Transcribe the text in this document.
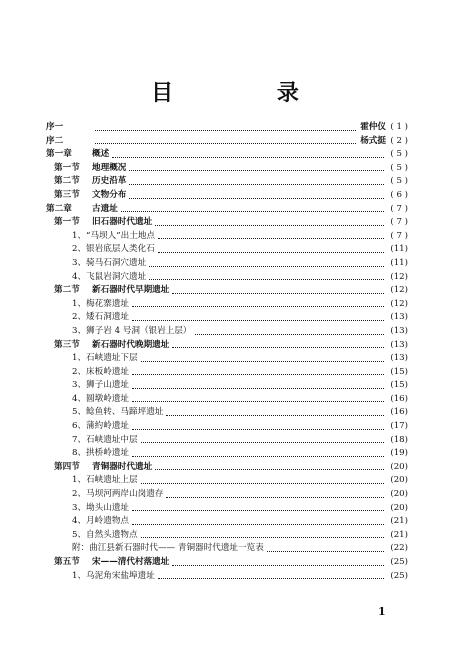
目 录
序一	霍仲仪 ( 1 )
序二	杨式挺 ( 2 )
第一章 概述	( 5 )
第一节 地理概况	( 5 )
第二节 历史沿革	( 5 )
第三节 文物分布	( 6 )
第二章 古遗址	( 7 )
第一节 旧石器时代遗址	( 7 )
1、“马坝人”出土地点	( 7 )
2、银岩底层人类化石	(11)
3、骑马石洞穴遗址	(11)
4、飞鼠岩洞穴遗址	(12)
第二节 新石器时代早期遗址	(12)
1、梅花寨遗址	(12)
2、矮石洞遗址	(13)
3、狮子岩 4 号洞（银岩上层）	(13)
第三节 新石器时代晚期遗址	(13)
1、石峡遗址下层	(13)
2、床板岭遗址	(15)
3、狮子山遗址	(15)
4、圆墩岭遗址	(16)
5、鲶鱼转、马蹄坪遗址	(16)
6、蒲約岭遗址	(17)
7、石峡遗址中层	(18)
8、拱桥岭遗址	(19)
第四节 青铜器时代遗址	(20)
1、石峡遗址上层	(20)
2、马坝河两岸山岗遗存	(20)
3、坳头山遗址	(20)
4、月岭遗物点	(21)
5、自然头遗物点	(21)
附：曲江县新石器时代—— 青铜器时代遗址一览表	(22)
第五节 宋——清代村落遗址	(25)
1、乌泥角宋盐埠遗址	(25)
1
